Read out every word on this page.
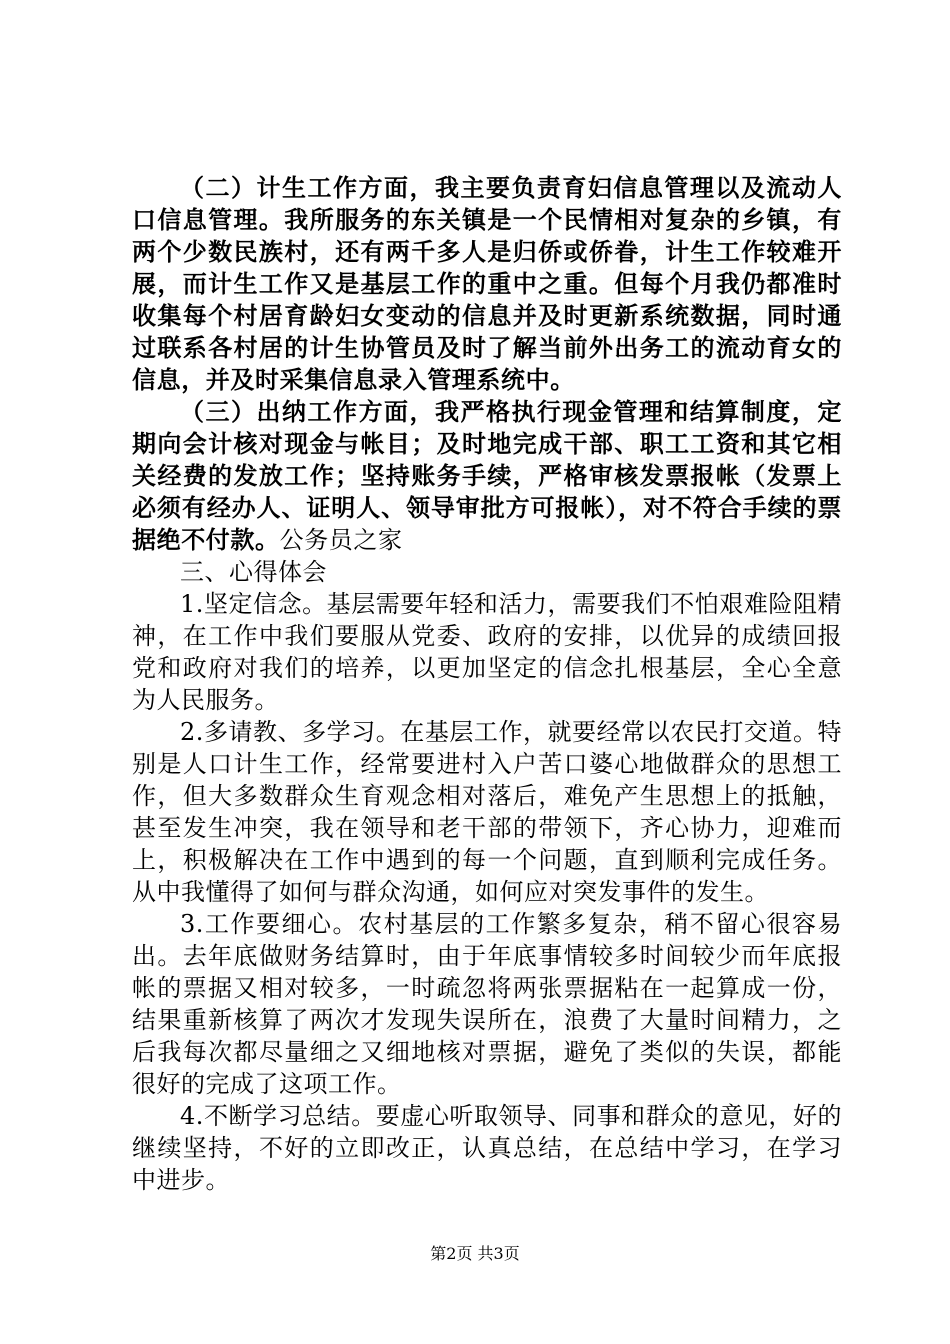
（二）计生工作方面，我主要负责育妇信息管理以及流动人口信息管理。我所服务的东关镇是一个民情相对复杂的乡镇，有两个少数民族村，还有两千多人是归侨或侨眷，计生工作较难开展，而计生工作又是基层工作的重中之重。但每个月我仍都准时收集每个村居育龄妇女变动的信息并及时更新系统数据，同时通过联系各村居的计生协管员及时了解当前外出务工的流动育女的信息，并及时采集信息录入管理系统中。

（三）出纳工作方面，我严格执行现金管理和结算制度，定期向会计核对现金与帐目；及时地完成干部、职工工资和其它相关经费的发放工作；坚持账务手续，严格审核发票报帐（发票上必须有经办人、证明人、领导审批方可报帐），对不符合手续的票据绝不付款。公务员之家

三、心得体会

1.坚定信念。基层需要年轻和活力，需要我们不怕艰难险阻精神，在工作中我们要服从党委、政府的安排，以优异的成绩回报党和政府对我们的培养，以更加坚定的信念扎根基层，全心全意为人民服务。

2.多请教、多学习。在基层工作，就要经常以农民打交道。特别是人口计生工作，经常要进村入户苦口婆心地做群众的思想工作，但大多数群众生育观念相对落后，难免产生思想上的抵触，甚至发生冲突，我在领导和老干部的带领下，齐心协力，迎难而上，积极解决在工作中遇到的每一个问题，直到顺利完成任务。从中我懂得了如何与群众沟通，如何应对突发事件的发生。

3.工作要细心。农村基层的工作繁多复杂，稍不留心很容易出。去年底做财务结算时，由于年底事情较多时间较少而年底报帐的票据又相对较多，一时疏忽将两张票据粘在一起算成一份，结果重新核算了两次才发现失误所在，浪费了大量时间精力，之后我每次都尽量细之又细地核对票据，避免了类似的失误，都能很好的完成了这项工作。

4.不断学习总结。要虚心听取领导、同事和群众的意见，好的继续坚持，不好的立即改正，认真总结，在总结中学习，在学习中进步。

第2页 共3页
